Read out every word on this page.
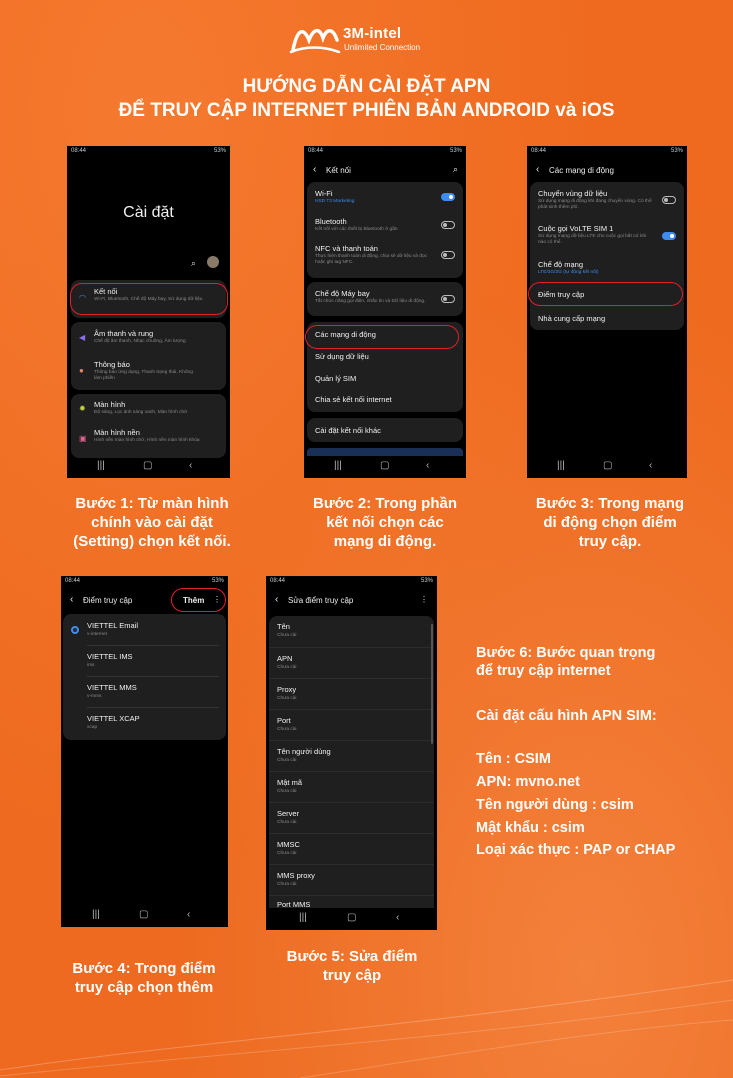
3M-intel
Unlimited Connection
HƯỚNG DẪN CÀI ĐẶT APN
ĐỂ TRUY CẬP INTERNET PHIÊN BẢN ANDROID và iOS
08:44	53%
Cài đặt
⌕
◠
Kết nối
Wi-Fi, Bluetooth, Chế độ Máy bay, Sử dụng dữ liệu
◀ Âm thanh và rung
Chế độ âm thanh, Nhạc chuông, Âm lượng
●
Thông báo
Thông báo ứng dụng, Thanh trạng thái, Không làm phiền
✹ Màn hình
Độ sáng, Lọc ánh sáng xanh, Màn hình chờ
▣
Màn hình nền
Hình nền màn hình chờ, Hình nền màn hình khóa
|||	▢	‹
08:44	53%
‹ Kết nối	⌕
Wi-Fi
HSD T3 Marketing
Bluetooth
Kết nối với các thiết bị Bluetooth ở gần
NFC và thanh toán
Thực hiện thanh toán di động, chia sẻ dữ liệu và đọc hoặc ghi tag NFC.
Chế độ Máy bay
Tắt chức năng gọi điện, nhắn tin và Dữ liệu di động.
Các mạng di động
Sử dụng dữ liệu
Quản lý SIM
Chia sẻ kết nối internet
Cài đặt kết nối khác
|||	▢	‹
08:44	53%
‹ Các mạng di động
Chuyển vùng dữ liệu
Sử dụng mạng di động khi đang chuyển vùng. Có thể phát sinh thêm phí.
Cuộc gọi VoLTE SIM 1
Sử dụng mạng dữ liệu LTE cho cuộc gọi bất cứ khi nào có thể.
Chế độ mạng
LTE/3G/2G (tự động kết nối)
Điểm truy cập
Nhà cung cấp mạng
|||	▢	‹
Bước 1: Từ màn hình
chính vào cài đặt
(Setting) chọn kết nối.
Bước 2: Trong phần
kết nối chọn các
mạng di động.
Bước 3: Trong mạng
di động chọn điểm
truy cập.
08:44	53%
‹ Điểm truy cập	Thêm ⋮
VIETTEL Email
v-internet
VIETTEL IMS
ims
VIETTEL MMS
v-mms
VIETTEL XCAP
xcap
|||	▢	‹
08:44	53%
‹ Sửa điểm truy cập	⋮
Tên
Chưa cài
APN
Chưa cài
Proxy
Chưa cài
Port
Chưa cài
Tên người dùng
Chưa cài
Mật mã
Chưa cài
Server
Chưa cài
MMSC
Chưa cài
MMS proxy
Chưa cài
Port MMS
|||	▢	‹
Bước 6: Bước quan trọng
để truy cập internet
Cài đặt cấu hình APN SIM:
Tên : CSIM
APN: mvno.net
Tên người dùng : csim
Mật khẩu : csim
Loại xác thực : PAP or CHAP
Bước 4: Trong điểm
truy cập chọn thêm
Bước 5: Sửa điểm
truy cập
